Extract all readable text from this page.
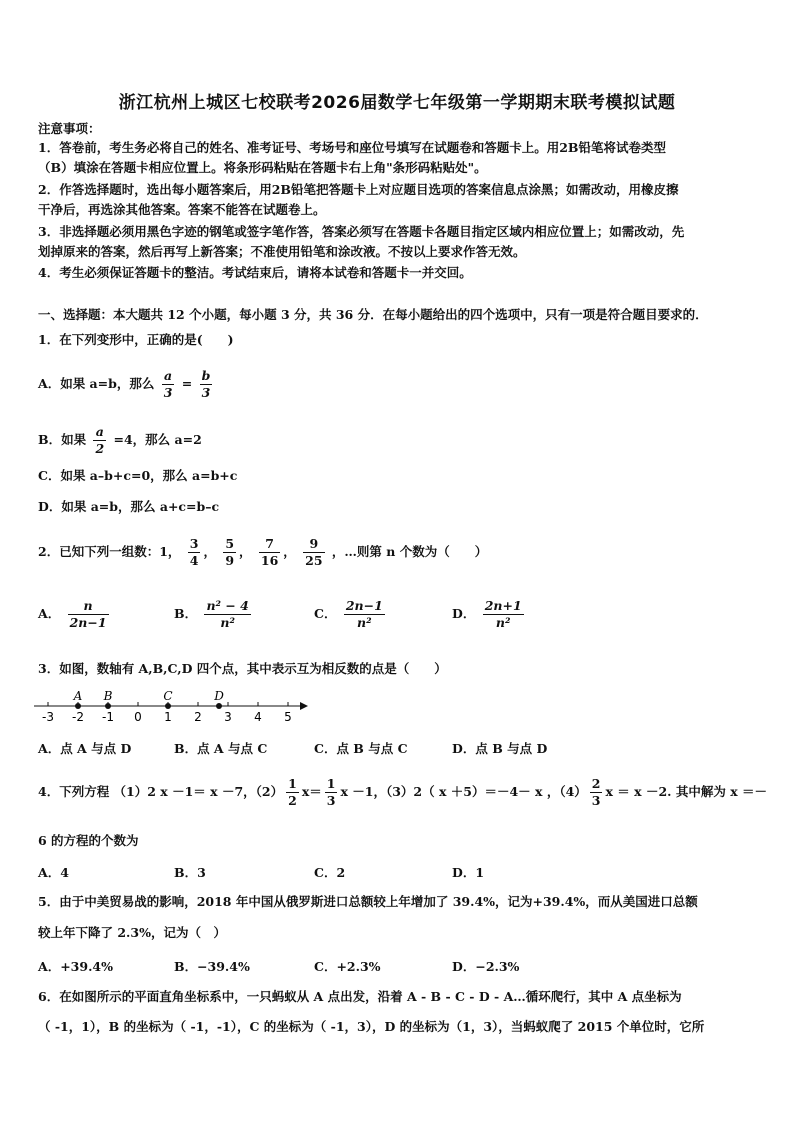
浙江杭州上城区七校联考2026届数学七年级第一学期期末联考模拟试题
注意事项：
1．答卷前，考生务必将自己的姓名、准考证号、考场号和座位号填写在试题卷和答题卡上。用2B铅笔将试卷类型
（B）填涂在答题卡相应位置上。将条形码粘贴在答题卡右上角"条形码粘贴处"。
2．作答选择题时，选出每小题答案后，用2B铅笔把答题卡上对应题目选项的答案信息点涂黑；如需改动，用橡皮擦
干净后，再选涂其他答案。答案不能答在试题卷上。
3．非选择题必须用黑色字迹的钢笔或签字笔作答，答案必须写在答题卡各题目指定区域内相应位置上；如需改动，先
划掉原来的答案，然后再写上新答案；不准使用铅笔和涂改液。不按以上要求作答无效。
4．考生必须保证答题卡的整洁。考试结束后，请将本试卷和答题卡一并交回。
一、选择题：本大题共 12 个小题，每小题 3 分，共 36 分．在每小题给出的四个选项中，只有一项是符合题目要求的．
1．在下列变形中，正确的是(　　)
A．如果 a=b，那么 $\frac{a}{3} = \frac{b}{3}$
B．如果 $\frac{a}{2} =4$，那么 a=2
C．如果 a–b+c=0，那么 a=b+c
D．如果 a=b，那么 a+c=b–c
2．已知下列一组数：1， $\frac{3}{4}$ ， $\frac{5}{9}$ ， $\frac{7}{16}$ ， $\frac{9}{25}$ ，…则第 n 个数为（　　）
A． $\frac{n}{2n-1}$	B． $\frac{\text{n² − 4}}{\text{n²}}$	C． $\frac{2n-1}{\text{n²}}$	D． $\frac{2n+1}{\text{n²}}$
3．如图，数轴有 A,B,C,D 四个点，其中表示互为相反数的点是（　　）
-3 -2 -1 0 1 2 3 4 5
A B	C	D
A．点 A 与点 D	B．点 A 与点 C	C．点 B 与点 C	D．点 B 与点 D
4．下列方程 （1）2 x －1＝ x －7，$(2) \frac{1}{2} x= \frac{1}{3}$ x －1，（3）2（ x ＋5）＝－4－ x ，$(4) \frac{2}{3}$ x ＝ x －2. 其中解为 x ＝－
6 的方程的个数为
A．4	B．3	C．2	D．1
5．由于中美贸易战的影响，2018 年中国从俄罗斯进口总额较上年增加了 39.4%，记为+39.4%，而从美国进口总额
较上年下降了 2.3%，记为（　）
A．+39.4%	B．−39.4%	C．+2.3%	D．−2.3%
6．在如图所示的平面直角坐标系中，一只蚂蚁从 A 点出发，沿着 A - B - C - D - A…循环爬行，其中 A 点坐标为
（ -1，1），B 的坐标为（ -1，-1），C 的坐标为（ -1，3），D 的坐标为（1，3），当蚂蚁爬了 2015 个单位时，它所
